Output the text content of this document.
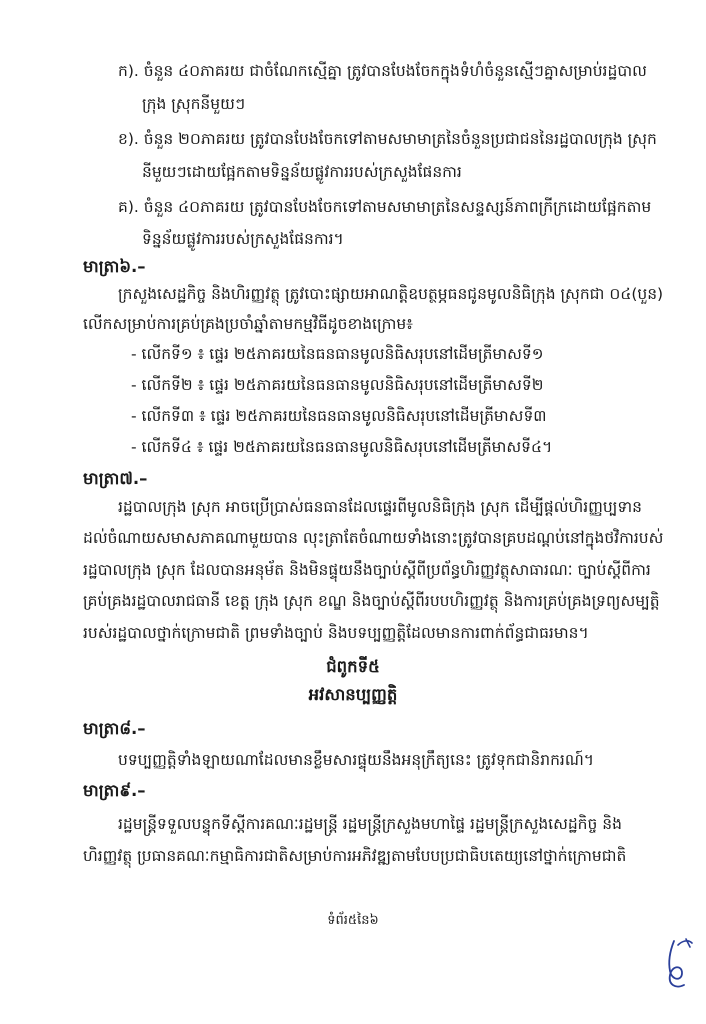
ក). ចំនួន ៤០ភាគរយ ជាចំណែកស្មើគ្នា ត្រូវបានបែងចែកក្នុងទំហំចំនួនស្មើៗគ្នាសម្រាប់រដ្ឋបាល
ក្រុង ស្រុកនីមួយៗ
ខ). ចំនួន ២០ភាគរយ ត្រូវបានបែងចែកទៅតាមសមាមាត្រនៃចំនួនប្រជាជននៃរដ្ឋបាលក្រុង ស្រុក
នីមួយៗដោយផ្អែកតាមទិន្នន័យផ្លូវការរបស់ក្រសួងផែនការ
គ). ចំនួន ៤០ភាគរយ ត្រូវបានបែងចែកទៅតាមសមាមាត្រនៃសន្ទស្សន៍ភាពក្រីក្រដោយផ្អែកតាម
ទិន្នន័យផ្លូវការរបស់ក្រសួងផែនការ។
មាត្រា៦.–
ក្រសួងសេដ្ឋកិច្ច និងហិរញ្ញវត្ថុ ត្រូវបោះផ្សាយអាណត្តិឧបត្ថម្ភធនជូនមូលនិធិក្រុង ស្រុកជា ០៤(បួន)
លើកសម្រាប់ការគ្រប់គ្រងប្រចាំឆ្នាំតាមកម្មវិធីដូចខាងក្រោម៖
- លើកទី១ ៖ ផ្ទេរ ២៥ភាគរយនៃធនធានមូលនិធិសរុបនៅដើមត្រីមាសទី១
- លើកទី២ ៖ ផ្ទេរ ២៥ភាគរយនៃធនធានមូលនិធិសរុបនៅដើមត្រីមាសទី២
- លើកទី៣ ៖ ផ្ទេរ ២៥ភាគរយនៃធនធានមូលនិធិសរុបនៅដើមត្រីមាសទី៣
- លើកទី៤ ៖ ផ្ទេរ ២៥ភាគរយនៃធនធានមូលនិធិសរុបនៅដើមត្រីមាសទី៤។
មាត្រា៧.–
រដ្ឋបាលក្រុង ស្រុក អាចប្រើប្រាស់ធនធានដែលផ្ទេរពីមូលនិធិក្រុង ស្រុក ដើម្បីផ្តល់ហិរញ្ញប្បទាន
ដល់ចំណាយសមាសភាគណាមួយបាន លុះត្រាតែចំណាយទាំងនោះត្រូវបានគ្របដណ្តប់នៅក្នុងថវិការបស់
រដ្ឋបាលក្រុង ស្រុក ដែលបានអនុម័ត និងមិនផ្ទុយនឹងច្បាប់ស្តីពីប្រព័ន្ធហិរញ្ញវត្ថុសាធារណៈ ច្បាប់ស្តីពីការ
គ្រប់គ្រងរដ្ឋបាលរាជធានី ខេត្ត ក្រុង ស្រុក ខណ្ឌ និងច្បាប់ស្តីពីរបបហិរញ្ញវត្ថុ និងការគ្រប់គ្រងទ្រព្យសម្បត្តិ
របស់រដ្ឋបាលថ្នាក់ក្រោមជាតិ ព្រមទាំងច្បាប់ និងបទប្បញ្ញត្តិដែលមានការពាក់ព័ន្ធជាធរមាន។
ជំពូកទី៥
អវសានប្បញ្ញត្តិ
មាត្រា៨.–
បទប្បញ្ញត្តិទាំងឡាយណាដែលមានខ្លឹមសារផ្ទុយនឹងអនុក្រឹត្យនេះ ត្រូវទុកជានិរាករណ៍។
មាត្រា៩.–
រដ្ឋមន្ត្រីទទួលបន្ទុកទីស្តីការគណៈរដ្ឋមន្ត្រី រដ្ឋមន្ត្រីក្រសួងមហាផ្ទៃ រដ្ឋមន្ត្រីក្រសួងសេដ្ឋកិច្ច និង
ហិរញ្ញវត្ថុ ប្រធានគណៈកម្មាធិការជាតិសម្រាប់ការអភិវឌ្ឍតាមបែបប្រជាធិបតេយ្យនៅថ្នាក់ក្រោមជាតិ
ទំព័រ៥នៃ៦
